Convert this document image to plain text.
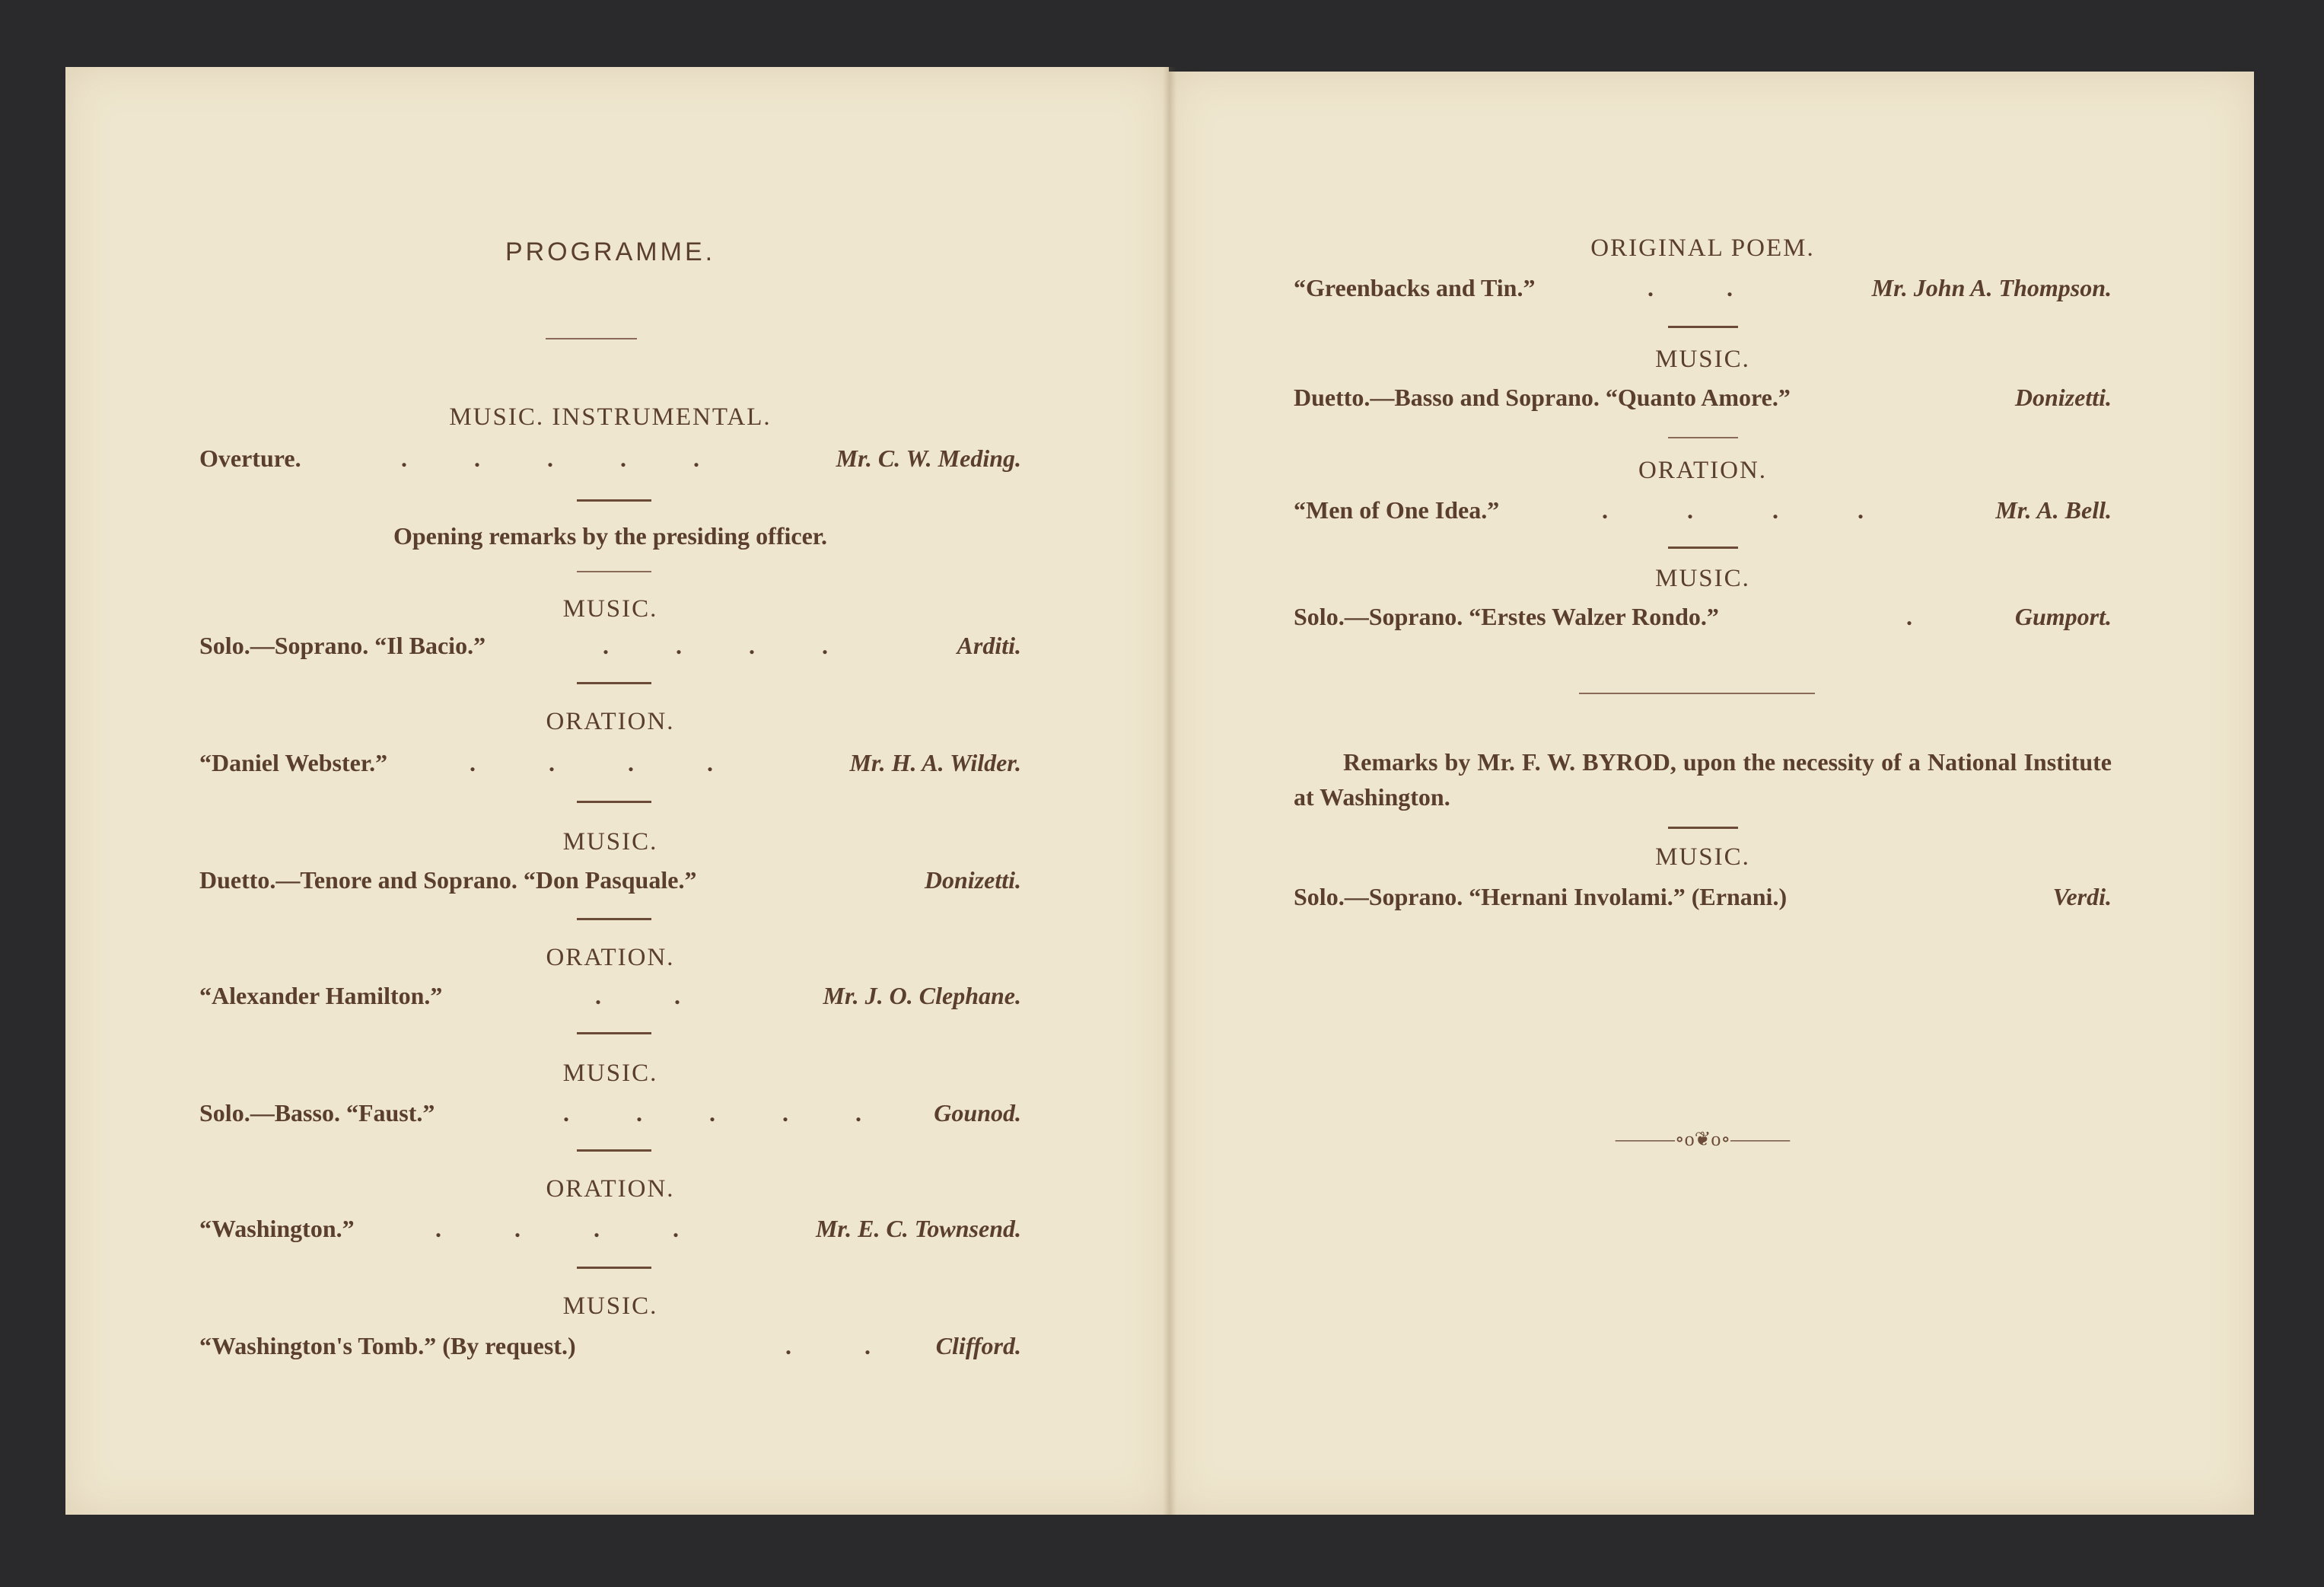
PROGRAMME.
MUSIC. INSTRUMENTAL.
Overture.	.           .           .           .           .	Mr. C. W. Meding.
Opening remarks by the presiding officer.
MUSIC.
Solo.—Soprano. “Il Bacio.”	.           .           .           .	Arditi.
ORATION.
“Daniel Webster.”	.            .            .            .	Mr. H. A. Wilder.
MUSIC.
Duetto.—Tenore and Soprano. “Don Pasquale.”	Donizetti.
ORATION.
“Alexander Hamilton.”	.            .	Mr. J. O. Clephane.
MUSIC.
Solo.—Basso. “Faust.”	.           .           .           .           .	Gounod.
ORATION.
“Washington.”	.            .            .            .	Mr. E. C. Townsend.
MUSIC.
“Washington's Tomb.” (By request.)	.            .	Clifford.
ORIGINAL POEM.
“Greenbacks and Tin.”	.            .	Mr. John A. Thompson.
MUSIC.
Duetto.—Basso and Soprano. “Quanto Amore.”	Donizetti.
ORATION.
“Men of One Idea.”	.             .             .             .	Mr. A. Bell.
MUSIC.
Solo.—Soprano. “Erstes Walzer Rondo.”	.	Gumport.
Remarks by Mr. F. W. BYROD, upon the necessity of a National Institute at Washington.
MUSIC.
Solo.—Soprano. “Hernani Involami.” (Ernani.)	Verdi.
———∘o❦o∘———
